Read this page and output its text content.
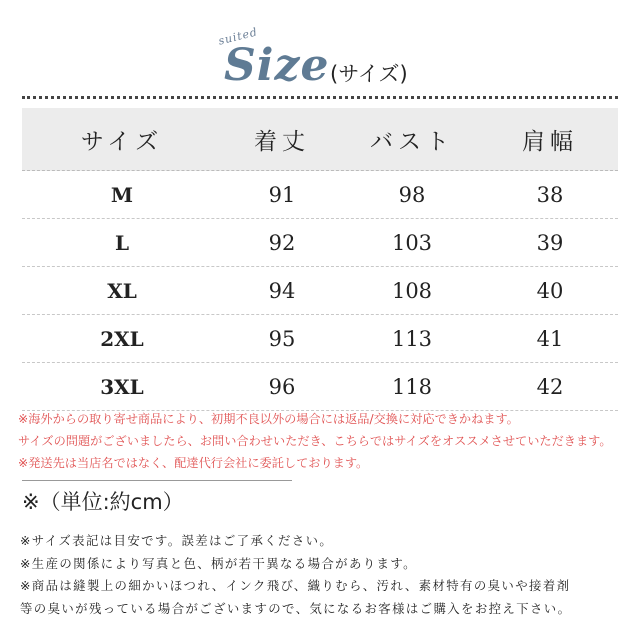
suited
Size (サイズ)
サイズ	着丈	バスト	肩幅
M	91	98	38
L	92	103	39
XL	94	108	40
2XL	95	113	41
3XL	96	118	42
※海外からの取り寄せ商品により、初期不良以外の場合には返品/交換に対応できかねます。
サイズの問題がございましたら、お問い合わせいただき、こちらではサイズをオススメさせていただきます。
※発送先は当店名ではなく、配達代行会社に委託しております。
※（単位:約cm）
※サイズ表記は目安です。誤差はご了承ください。
※生産の関係により写真と色、柄が若干異なる場合があります。
※商品は縫製上の細かいほつれ、インク飛び、織りむら、汚れ、素材特有の臭いや接着剤
等の臭いが残っている場合がございますので、気になるお客様はご購入をお控え下さい。
